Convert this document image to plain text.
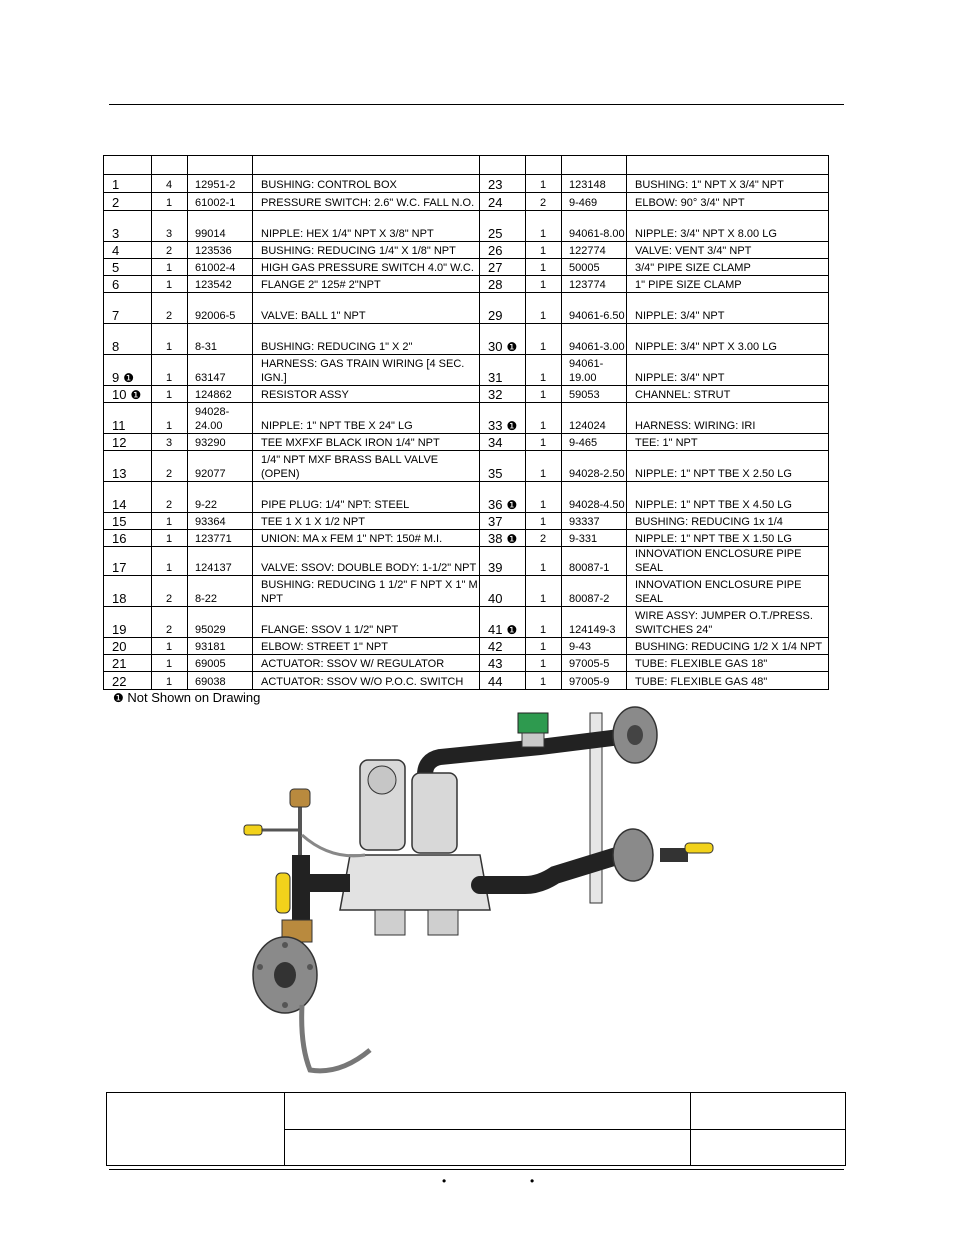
1	4	12951-2	BUSHING: CONTROL BOX	23	1	123148	BUSHING: 1" NPT X 3/4" NPT
2	1	61002-1	PRESSURE SWITCH: 2.6" W.C. FALL N.O.	24	2	9-469	ELBOW: 90° 3/4" NPT
3	3	99014	NIPPLE: HEX 1/4" NPT X 3/8" NPT	25	1	94061-8.00	NIPPLE: 3/4" NPT X 8.00 LG
4	2	123536	BUSHING: REDUCING 1/4" X 1/8" NPT	26	1	122774	VALVE: VENT 3/4" NPT
5	1	61002-4	HIGH GAS PRESSURE SWITCH 4.0" W.C.	27	1	50005	3/4" PIPE SIZE CLAMP
6	1	123542	FLANGE 2" 125# 2"NPT	28	1	123774	1" PIPE SIZE CLAMP
7	2	92006-5	VALVE: BALL 1" NPT	29	1	94061-6.50	NIPPLE: 3/4" NPT
8	1	8-31	BUSHING: REDUCING 1" X 2"	30 ❶	1	94061-3.00	NIPPLE: 3/4" NPT X 3.00 LG
9 ❶	1	63147	HARNESS: GAS TRAIN WIRING [4 SEC. IGN.]	31	1	94061-19.00	NIPPLE: 3/4" NPT
10 ❶	1	124862	RESISTOR ASSY	32	1	59053	CHANNEL: STRUT
11	1	94028-24.00	NIPPLE: 1" NPT TBE X 24" LG	33 ❶	1	124024	HARNESS: WIRING: IRI
12	3	93290	TEE MXFXF BLACK IRON 1/4" NPT	34	1	9-465	TEE: 1" NPT
13	2	92077	1/4" NPT MXF BRASS BALL VALVE (OPEN)	35	1	94028-2.50	NIPPLE: 1" NPT TBE X 2.50 LG
14	2	9-22	PIPE PLUG: 1/4" NPT: STEEL	36 ❶	1	94028-4.50	NIPPLE: 1" NPT TBE X 4.50 LG
15	1	93364	TEE 1 X 1 X 1/2 NPT	37	1	93337	BUSHING: REDUCING 1x 1/4
16	1	123771	UNION: MA x FEM 1" NPT: 150# M.I.	38 ❶	2	9-331	NIPPLE: 1" NPT TBE X 1.50 LG
17	1	124137	VALVE: SSOV: DOUBLE BODY: 1-1/2" NPT	39	1	80087-1	INNOVATION ENCLOSURE PIPE SEAL
18	2	8-22	BUSHING: REDUCING 1 1/2" F NPT X 1" M NPT	40	1	80087-2	INNOVATION ENCLOSURE PIPE SEAL
19	2	95029	FLANGE: SSOV 1 1/2" NPT	41 ❶	1	124149-3	WIRE ASSY: JUMPER O.T./PRESS. SWITCHES 24"
20	1	93181	ELBOW: STREET 1" NPT	42	1	9-43	BUSHING: REDUCING 1/2 X 1/4 NPT
21	1	69005	ACTUATOR: SSOV W/ REGULATOR	43	1	97005-5	TUBE: FLEXIBLE GAS 18"
22	1	69038	ACTUATOR: SSOV W/O P.O.C. SWITCH	44	1	97005-9	TUBE: FLEXIBLE GAS 48"
❶ Not Shown on Drawing

•	•
